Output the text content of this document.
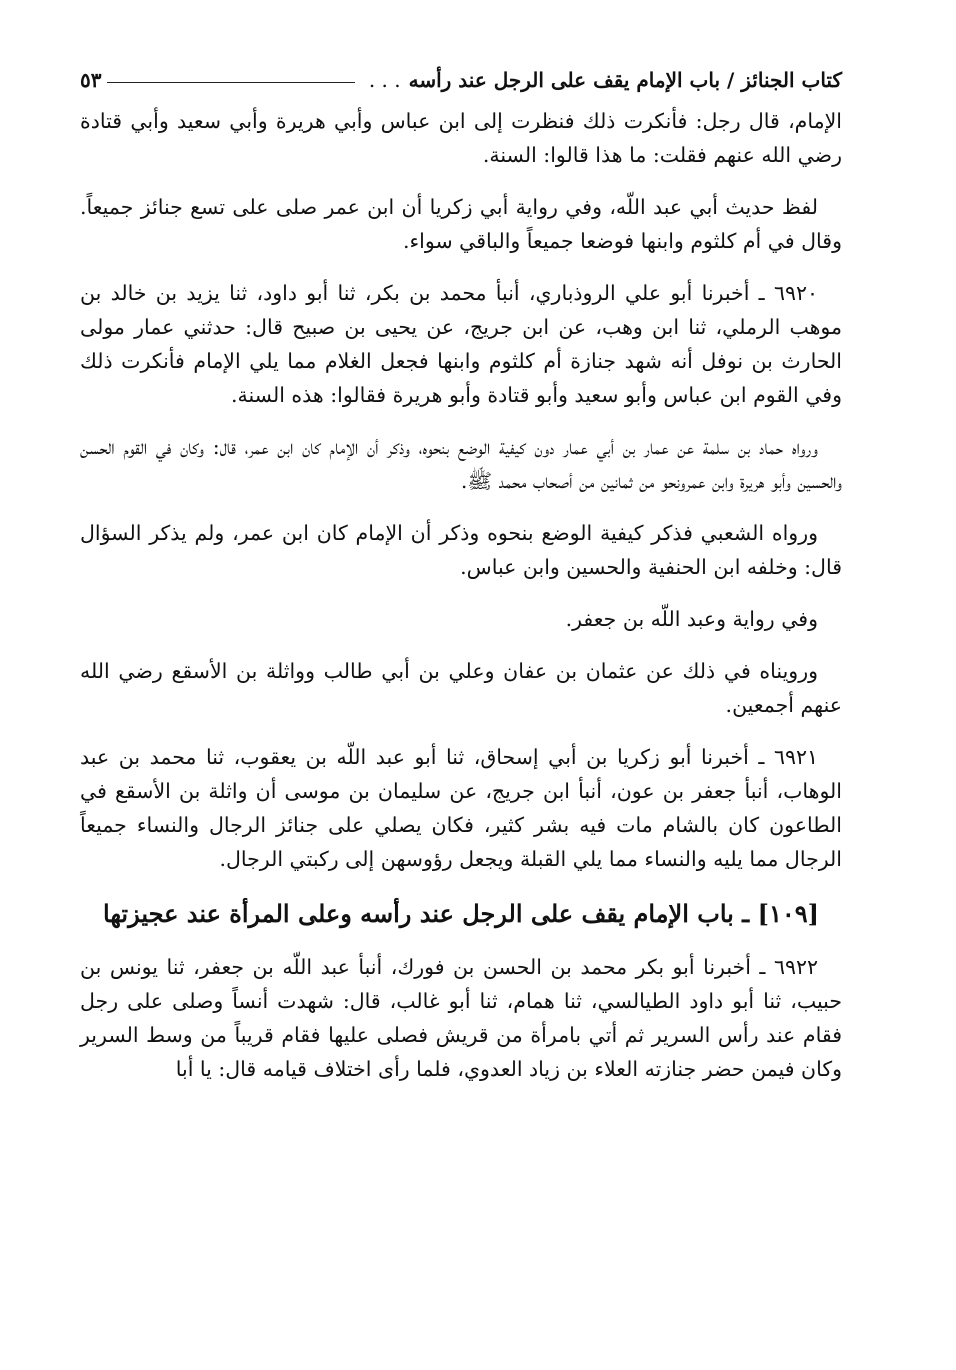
كتاب الجنائز / باب الإمام يقف على الرجل عند رأسه
. . .
٥٣

الإمام، قال رجل: فأنكرت ذلك فنظرت إلى ابن عباس وأبي هريرة وأبي سعيد وأبي قتادة رضي الله عنهم فقلت: ما هذا قالوا: السنة.

لفظ حديث أبي عبد اللّه، وفي رواية أبي زكريا أن ابن عمر صلى على تسع جنائز جميعاً. وقال في أم كلثوم وابنها فوضعا جميعاً والباقي سواء.

٦٩٢٠ ـ أخبرنا أبو علي الروذباري، أنبأ محمد بن بكر، ثنا أبو داود، ثنا يزيد بن خالد بن موهب الرملي، ثنا ابن وهب، عن ابن جريج، عن يحيى بن صبيح قال: حدثني عمار مولى الحارث بن نوفل أنه شهد جنازة أم كلثوم وابنها فجعل الغلام مما يلي الإمام فأنكرت ذلك وفي القوم ابن عباس وأبو سعيد وأبو قتادة وأبو هريرة فقالوا: هذه السنة.

ورواه حماد بن سلمة عن عمار بن أبي عمار دون كيفية الوضع بنحوه، وذكر أن الإمام كان ابن عمر، قال: وكان في القوم الحسن والحسين وأبو هريرة وابن عمرونحو من ثمانين من أصحاب محمد ﷺ.

ورواه الشعبي فذكر كيفية الوضع بنحوه وذكر أن الإمام كان ابن عمر، ولم يذكر السؤال قال: وخلفه ابن الحنفية والحسين وابن عباس.

وفي رواية وعبد اللّه بن جعفر.

ورويناه في ذلك عن عثمان بن عفان وعلي بن أبي طالب وواثلة بن الأسقع رضي الله عنهم أجمعين.

٦٩٢١ ـ أخبرنا أبو زكريا بن أبي إسحاق، ثنا أبو عبد اللّه بن يعقوب، ثنا محمد بن عبد الوهاب، أنبأ جعفر بن عون، أنبأ ابن جريج، عن سليمان بن موسى أن واثلة بن الأسقع في الطاعون كان بالشام مات فيه بشر كثير، فكان يصلي على جنائز الرجال والنساء جميعاً الرجال مما يليه والنساء مما يلي القبلة ويجعل رؤوسهن إلى ركبتي الرجال.

[١٠٩] ـ باب الإمام يقف على الرجل عند رأسه وعلى المرأة عند عجيزتها

٦٩٢٢ ـ أخبرنا أبو بكر محمد بن الحسن بن فورك، أنبأ عبد اللّه بن جعفر، ثنا يونس بن حبيب، ثنا أبو داود الطيالسي، ثنا همام، ثنا أبو غالب، قال: شهدت أنساً وصلى على رجل فقام عند رأس السرير ثم أتي بامرأة من قريش فصلى عليها فقام قريباً من وسط السرير وكان فيمن حضر جنازته العلاء بن زياد العدوي، فلما رأى اختلاف قيامه قال: يا أبا
